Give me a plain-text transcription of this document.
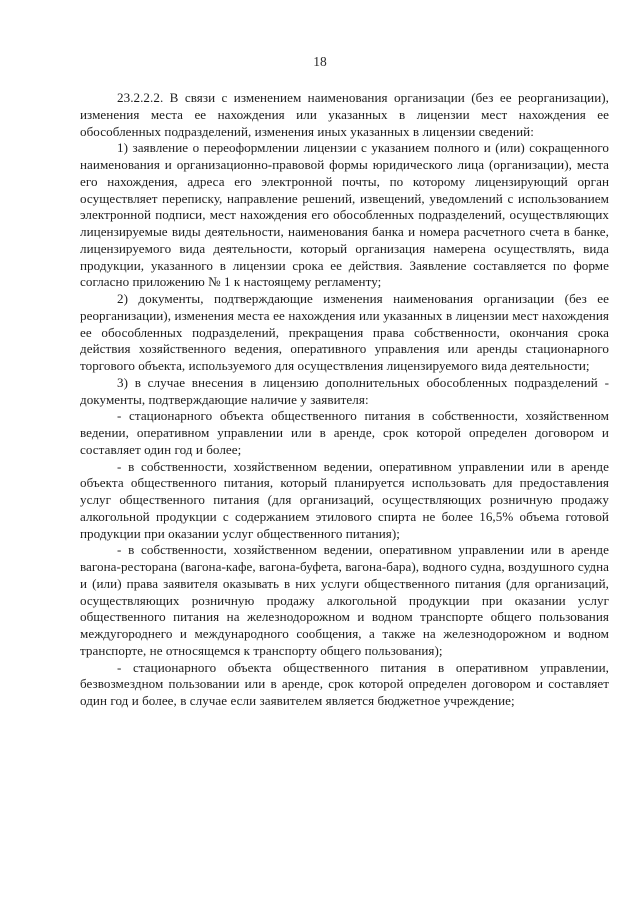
18

23.2.2.2. В связи с изменением наименования организации (без ее реорганизации), изменения места ее нахождения или указанных в лицензии мест нахождения ее обособленных подразделений, изменения иных указанных в лицензии сведений:

1) заявление о переоформлении лицензии с указанием полного и (или) сокращенного наименования и организационно-правовой формы юридического лица (организации), места его нахождения, адреса его электронной почты, по которому лицензирующий орган осуществляет переписку, направление решений, извещений, уведомлений с использованием электронной подписи, мест нахождения его обособленных подразделений, осуществляющих лицензируемые виды деятельности, наименования банка и номера расчетного счета в банке, лицензируемого вида деятельности, который организация намерена осуществлять, вида продукции, указанного в лицензии срока ее действия. Заявление составляется по форме согласно приложению № 1 к настоящему регламенту;

2) документы, подтверждающие изменения наименования организации (без ее реорганизации), изменения места ее нахождения или указанных в лицензии мест нахождения ее обособленных подразделений, прекращения права собственности, окончания срока действия хозяйственного ведения, оперативного управления или аренды стационарного торгового объекта, используемого для осуществления лицензируемого вида деятельности;

3) в случае внесения в лицензию дополнительных обособленных подразделений - документы, подтверждающие наличие у заявителя:

- стационарного объекта общественного питания в собственности, хозяйственном ведении, оперативном управлении или в аренде, срок которой определен договором и составляет один год и более;

- в собственности, хозяйственном ведении, оперативном управлении или в аренде объекта общественного питания, который планируется использовать для предоставления услуг общественного питания (для организаций, осуществляющих розничную продажу алкогольной продукции с содержанием этилового спирта не более 16,5% объема готовой продукции при оказании услуг общественного питания);

- в собственности, хозяйственном ведении, оперативном управлении или в аренде вагона-ресторана (вагона-кафе, вагона-буфета, вагона-бара), водного судна, воздушного судна и (или) права заявителя оказывать в них услуги общественного питания (для организаций, осуществляющих розничную продажу алкогольной продукции при оказании услуг общественного питания на железнодорожном и водном транспорте общего пользования междугороднего и международного сообщения, а также на железнодорожном и водном транспорте, не относящемся к транспорту общего пользования);

- стационарного объекта общественного питания в оперативном управлении, безвозмездном пользовании или в аренде, срок которой определен договором и составляет один год и более, в случае если заявителем является бюджетное учреждение;
